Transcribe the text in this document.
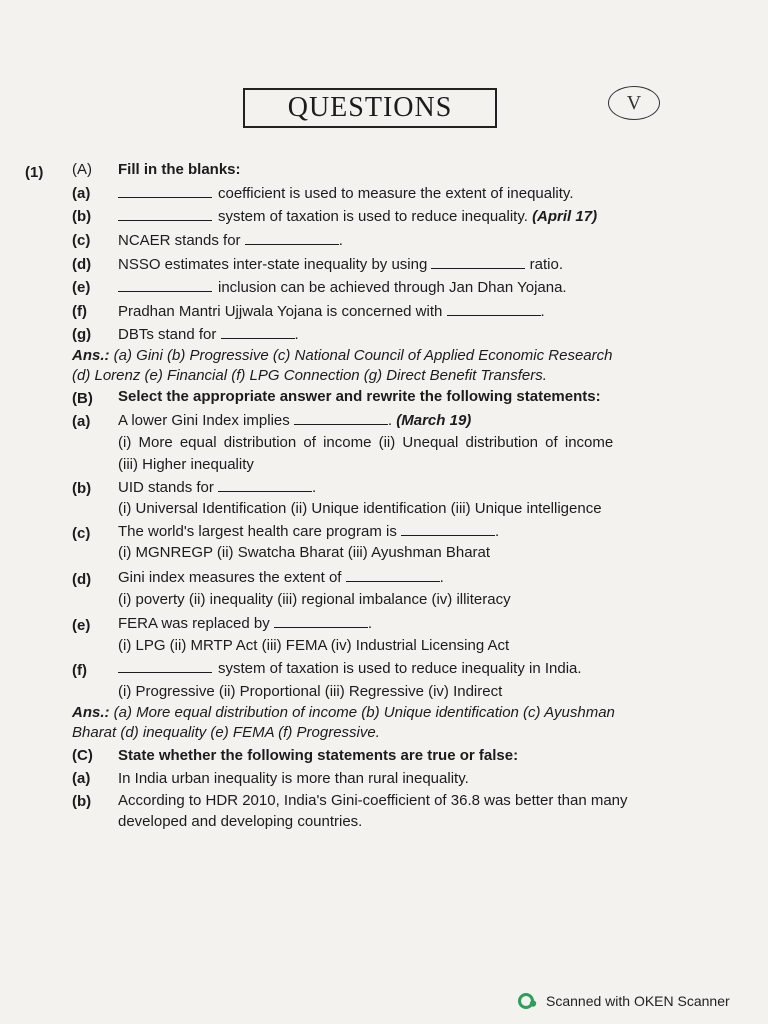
QUESTIONS	V
(1) (A) Fill in the blanks:
(a)	coefficient is used to measure the extent of inequality.
(b)	system of taxation is used to reduce inequality. (April 17)
(c) NCAER stands for	.
(d) NSSO estimates inter-state inequality by using	ratio.
(e)	inclusion can be achieved through Jan Dhan Yojana.
(f) Pradhan Mantri Ujjwala Yojana is concerned with	.
(g) DBTs stand for	.
Ans.: (a) Gini (b) Progressive (c) National Council of Applied Economic Research
(d) Lorenz (e) Financial (f) LPG Connection (g) Direct Benefit Transfers.
(B) Select the appropriate answer and rewrite the following statements:
(a) A lower Gini Index implies	. (March 19)
(i) More equal distribution of income (ii) Unequal distribution of income
(iii) Higher inequality
(b) UID stands for	.
(i) Universal Identification (ii) Unique identification (iii) Unique intelligence
(c) The world's largest health care program is	.
(i) MGNREGP (ii) Swatcha Bharat (iii) Ayushman Bharat
(d) Gini index measures the extent of	.
(i) poverty (ii) inequality (iii) regional imbalance (iv) illiteracy
(e) FERA was replaced by	.
(i) LPG (ii) MRTP Act (iii) FEMA (iv) Industrial Licensing Act
(f)	system of taxation is used to reduce inequality in India.
(i) Progressive (ii) Proportional (iii) Regressive (iv) Indirect
Ans.: (a) More equal distribution of income (b) Unique identification (c) Ayushman
Bharat (d) inequality (e) FEMA (f) Progressive.
(C) State whether the following statements are true or false:
(a) In India urban inequality is more than rural inequality.
(b) According to HDR 2010, India's Gini-coefficient of 36.8 was better than many
developed and developing countries.
Scanned with OKEN Scanner
